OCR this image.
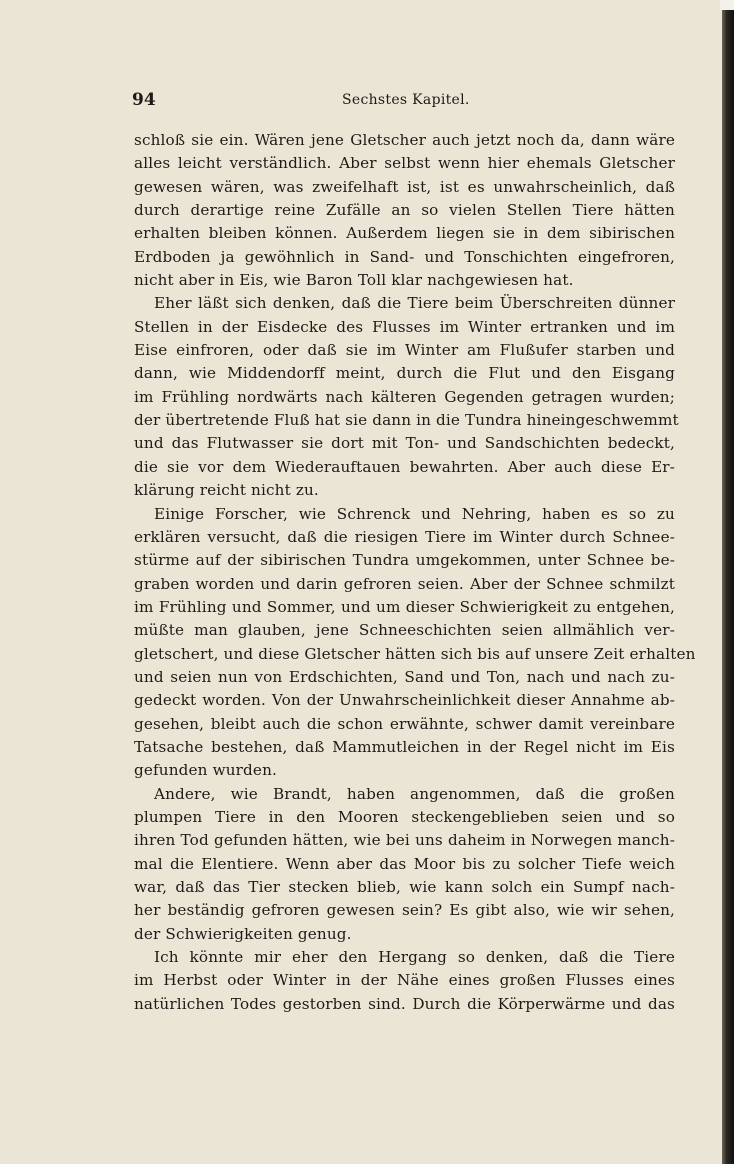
94	Sechstes Kapitel.
schloß sie ein. Wären jene Gletscher auch jetzt noch da, dann wäre
alles leicht verständlich. Aber selbst wenn hier ehemals Gletscher
gewesen wären, was zweifelhaft ist, ist es unwahrscheinlich, daß
durch derartige reine Zufälle an so vielen Stellen Tiere hätten
erhalten bleiben können. Außerdem liegen sie in dem sibirischen
Erdboden ja gewöhnlich in Sand- und Tonschichten eingefroren,
nicht aber in Eis, wie Baron Toll klar nachgewiesen hat.
Eher läßt sich denken, daß die Tiere beim Überschreiten dünner
Stellen in der Eisdecke des Flusses im Winter ertranken und im
Eise einfroren, oder daß sie im Winter am Flußufer starben und
dann, wie Middendorff meint, durch die Flut und den Eisgang
im Frühling nordwärts nach kälteren Gegenden getragen wurden;
der übertretende Fluß hat sie dann in die Tundra hineingeschwemmt
und das Flutwasser sie dort mit Ton- und Sandschichten bedeckt,
die sie vor dem Wiederauftauen bewahrten. Aber auch diese Er-
klärung reicht nicht zu.
Einige Forscher, wie Schrenck und Nehring, haben es so zu
erklären versucht, daß die riesigen Tiere im Winter durch Schnee-
stürme auf der sibirischen Tundra umgekommen, unter Schnee be-
graben worden und darin gefroren seien. Aber der Schnee schmilzt
im Frühling und Sommer, und um dieser Schwierigkeit zu entgehen,
müßte man glauben, jene Schneeschichten seien allmählich ver-
gletschert, und diese Gletscher hätten sich bis auf unsere Zeit erhalten
und seien nun von Erdschichten, Sand und Ton, nach und nach zu-
gedeckt worden. Von der Unwahrscheinlichkeit dieser Annahme ab-
gesehen, bleibt auch die schon erwähnte, schwer damit vereinbare
Tatsache bestehen, daß Mammutleichen in der Regel nicht im Eis
gefunden wurden.
Andere, wie Brandt, haben angenommen, daß die großen
plumpen Tiere in den Mooren steckengeblieben seien und so
ihren Tod gefunden hätten, wie bei uns daheim in Norwegen manch-
mal die Elentiere. Wenn aber das Moor bis zu solcher Tiefe weich
war, daß das Tier stecken blieb, wie kann solch ein Sumpf nach-
her beständig gefroren gewesen sein? Es gibt also, wie wir sehen,
der Schwierigkeiten genug.
Ich könnte mir eher den Hergang so denken, daß die Tiere
im Herbst oder Winter in der Nähe eines großen Flusses eines
natürlichen Todes gestorben sind. Durch die Körperwärme und das
